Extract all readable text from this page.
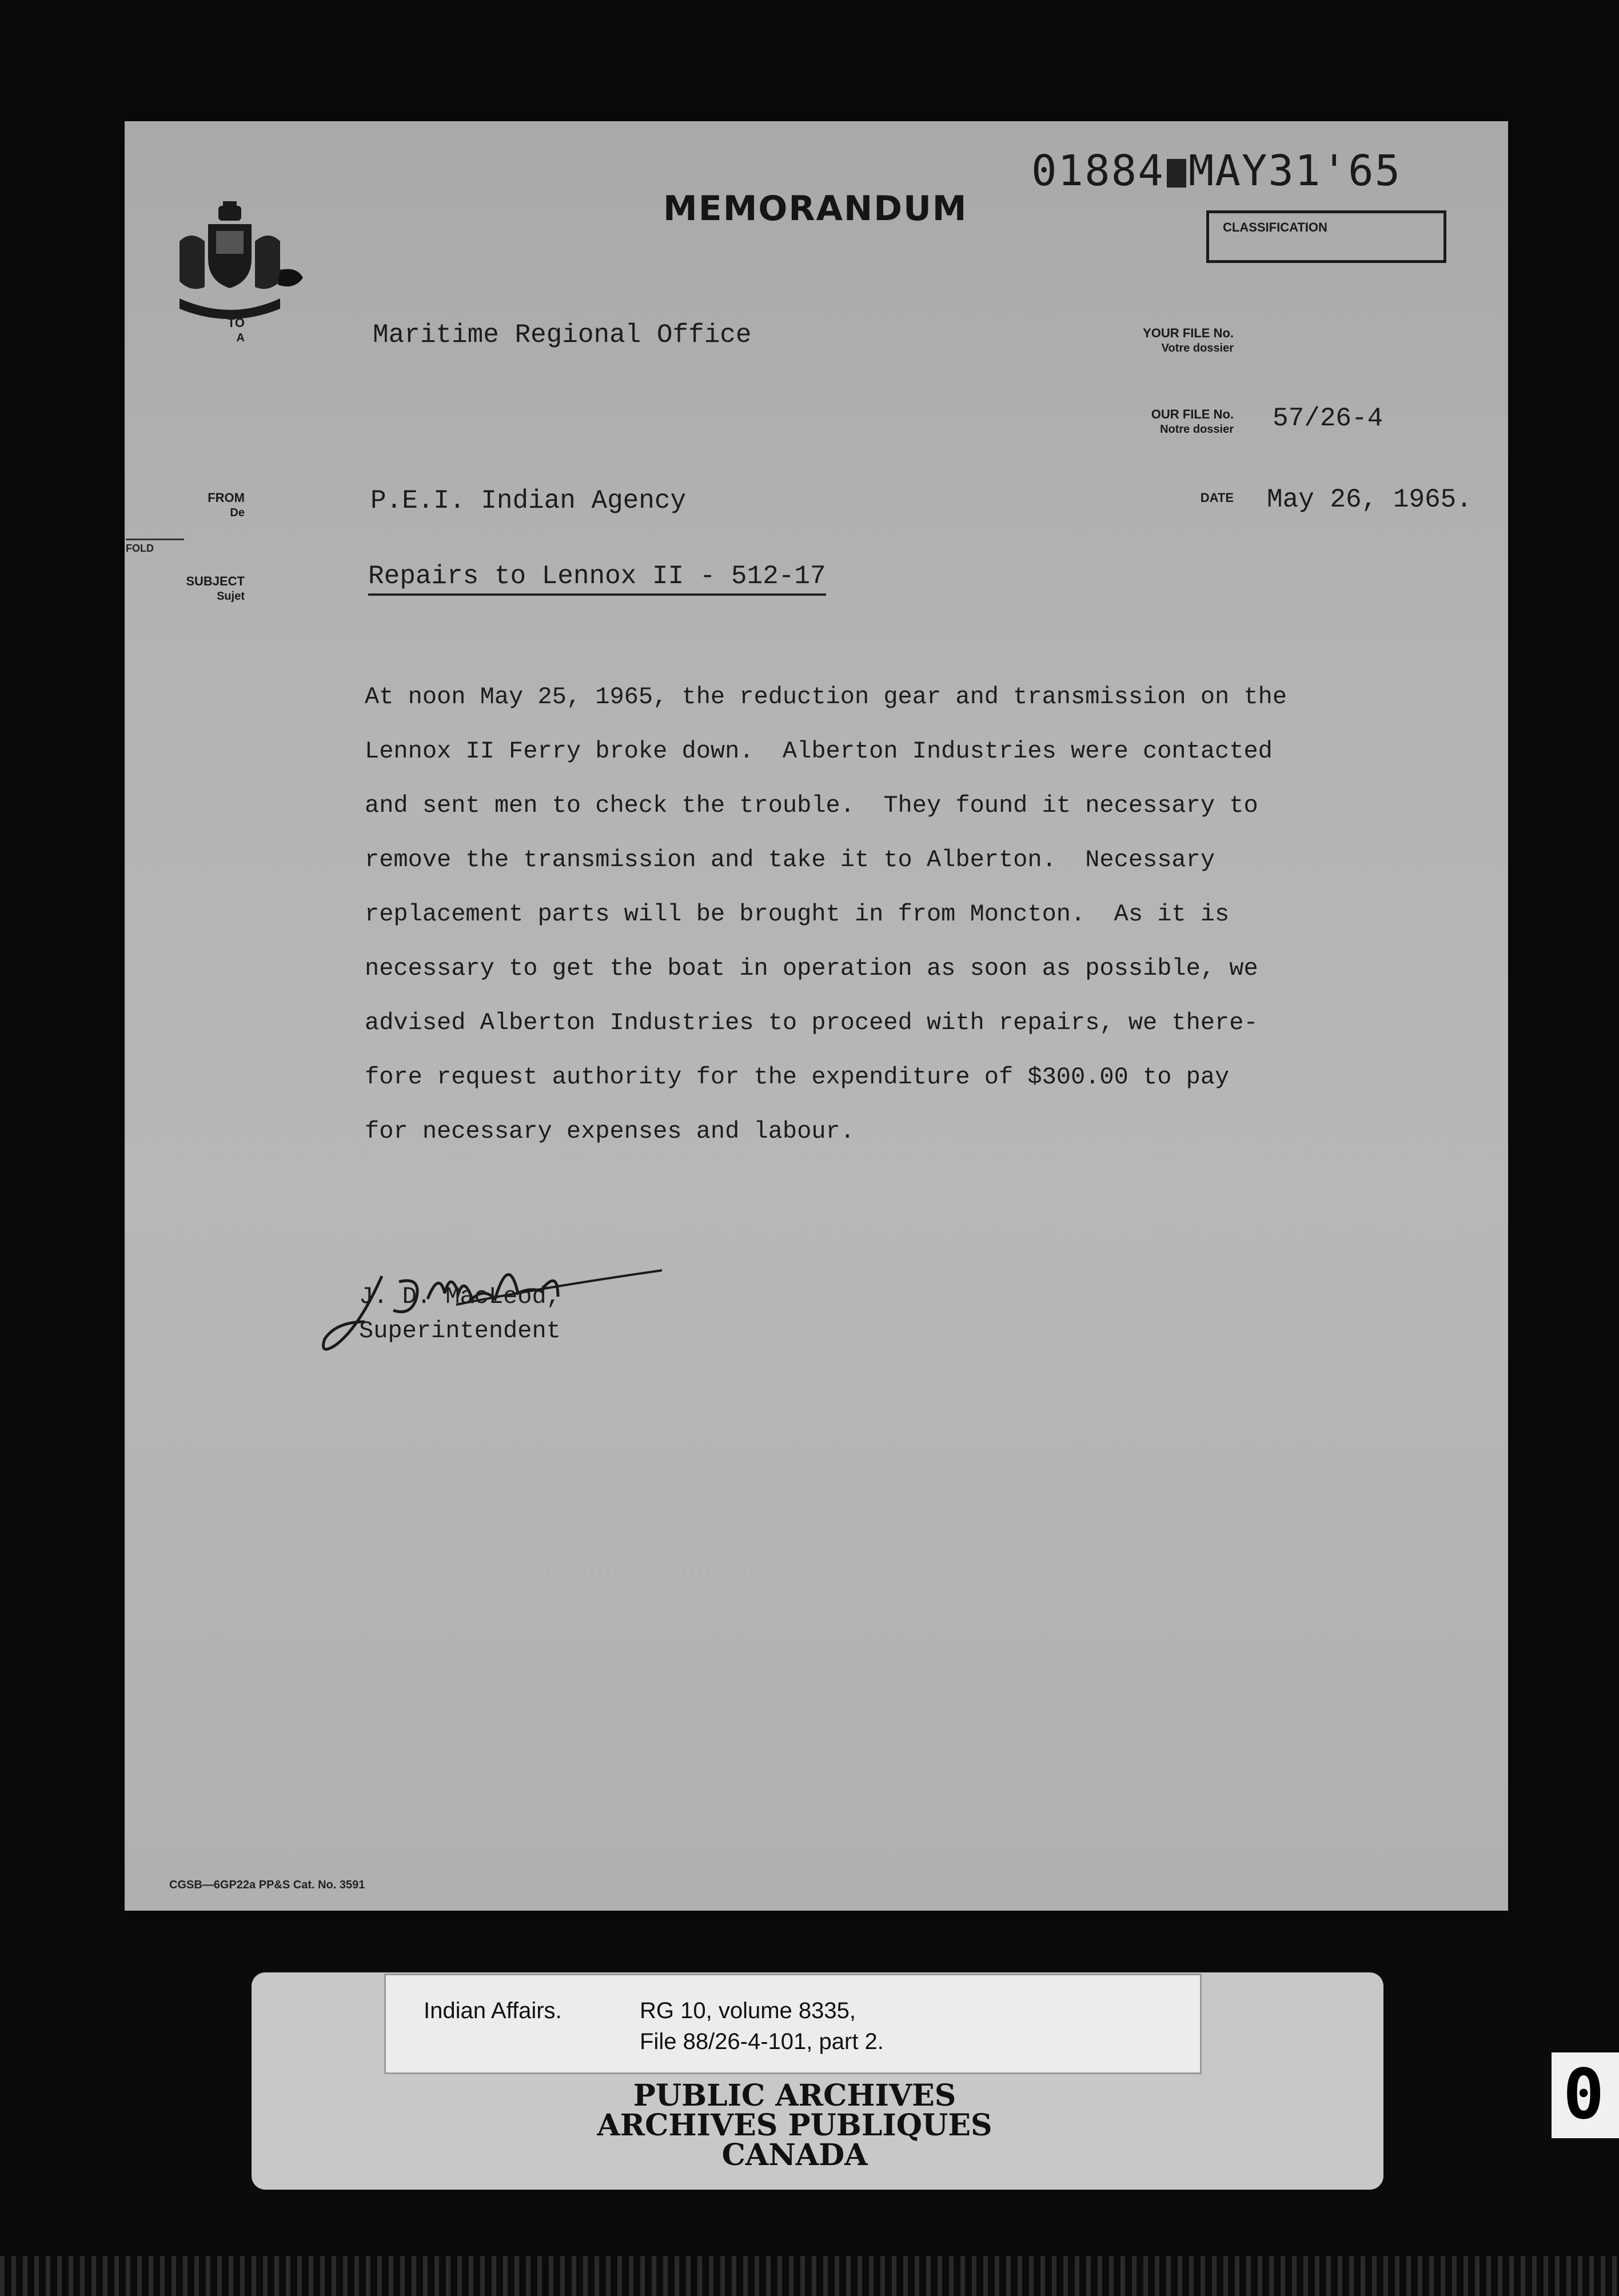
MEMORANDUM
01884 MAY31'65
CLASSIFICATION
TO
A	Maritime Regional Office	YOUR FILE No.
Votre dossier
OUR FILE No.
Notre dossier 57/26-4
FROM
De	P.E.I. Indian Agency	DATE May 26, 1965.
FOLD
SUBJECT
Sujet
Repairs to Lennox II - 512-17
At noon May 25, 1965, the reduction gear and transmission on the
Lennox II Ferry broke down.  Alberton Industries were contacted
and sent men to check the trouble.  They found it necessary to
remove the transmission and take it to Alberton.  Necessary
replacement parts will be brought in from Moncton.  As it is
necessary to get the boat in operation as soon as possible, we
advised Alberton Industries to proceed with repairs, we there-
fore request authority for the expenditure of $300.00 to pay
for necessary expenses and labour.
J. D. MacLeod,
Superintendent
CGSB—6GP22a PP&S Cat. No. 3591
Indian Affairs.	RG 10, volume 8335,
File 88/26-4-101, part 2.
PUBLIC ARCHIVES
ARCHIVES PUBLIQUES
CANADA
0
